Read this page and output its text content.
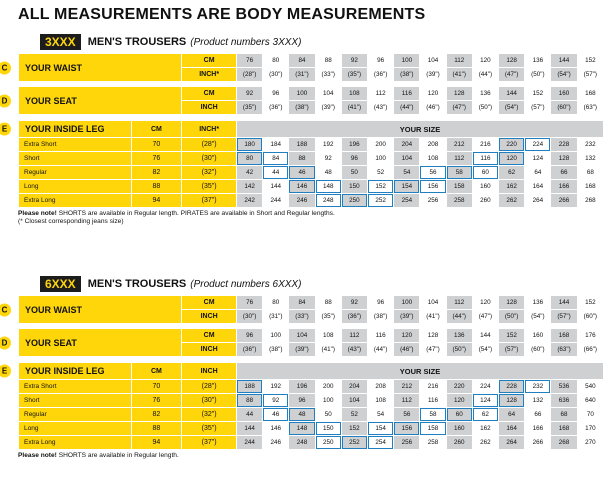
ALL MEASUREMENTS ARE BODY MEASUREMENTS
3XXX	MEN'S TROUSERS (Product numbers 3XXX)
C YOUR WAIST		CM	76	80	84	88	92	96	100	104	112	120	128	136	144	152
		INCH*	(28")	(30")	(31")	(33")	(35")	(36")	(38")	(39")	(41")	(44")	(47")	(50")	(54")	(57")

D YOUR SEAT		CM	92	96	100	104	108	112	116	120	128	136	144	152	160	168
		INCH	(35")	(36")	(38")	(39")	(41")	(43")	(44")	(46")	(47")	(50")	(54")	(57")	(60")	(63")

E YOUR INSIDE LEG	CM	INCH*	YOUR SIZE													
Extra Short	70	(28")	180	184	188	192	196	200	204	208	212	216	220	224	228	232
Short	76	(30")	80	84	88	92	96	100	104	108	112	116	120	124	128	132
Regular	82	(32")	42	44	46	48	50	52	54	56	58	60	62	64	66	68
Long	88	(35")	142	144	146	148	150	152	154	156	158	160	162	164	166	168
Extra Long	94	(37")	242	244	246	248	250	252	254	256	258	260	262	264	266	268
Please note! SHORTS are available in Regular length. PIRATES are available in Short and Regular lengths.
(* Closest corresponding jeans size)
6XXX	MEN'S TROUSERS (Product numbers 6XXX)
C YOUR WAIST		CM	76	80	84	88	92	96	100	104	112	120	128	136	144	152
		INCH	(30")	(31")	(33")	(35")	(36")	(38")	(39")	(41")	(44")	(47")	(50")	(54")	(57")	(60")

D YOUR SEAT		CM	96	100	104	108	112	116	120	128	136	144	152	160	168	176
		INCH	(36")	(38")	(39")	(41")	(43")	(44")	(46")	(47")	(50")	(54")	(57")	(60")	(63")	(66")

E YOUR INSIDE LEG	CM	INCH	YOUR SIZE													
Extra Short	70	(28")	188	192	196	200	204	208	212	216	220	224	228	232	536	540
Short	76	(30")	88	92	96	100	104	108	112	116	120	124	128	132	636	640
Regular	82	(32")	44	46	48	50	52	54	56	58	60	62	64	66	68	70
Long	88	(35")	144	146	148	150	152	154	156	158	160	162	164	166	168	170
Extra Long	94	(37")	244	246	248	250	252	254	256	258	260	262	264	266	268	270
Please note! SHORTS are available in Regular length.
